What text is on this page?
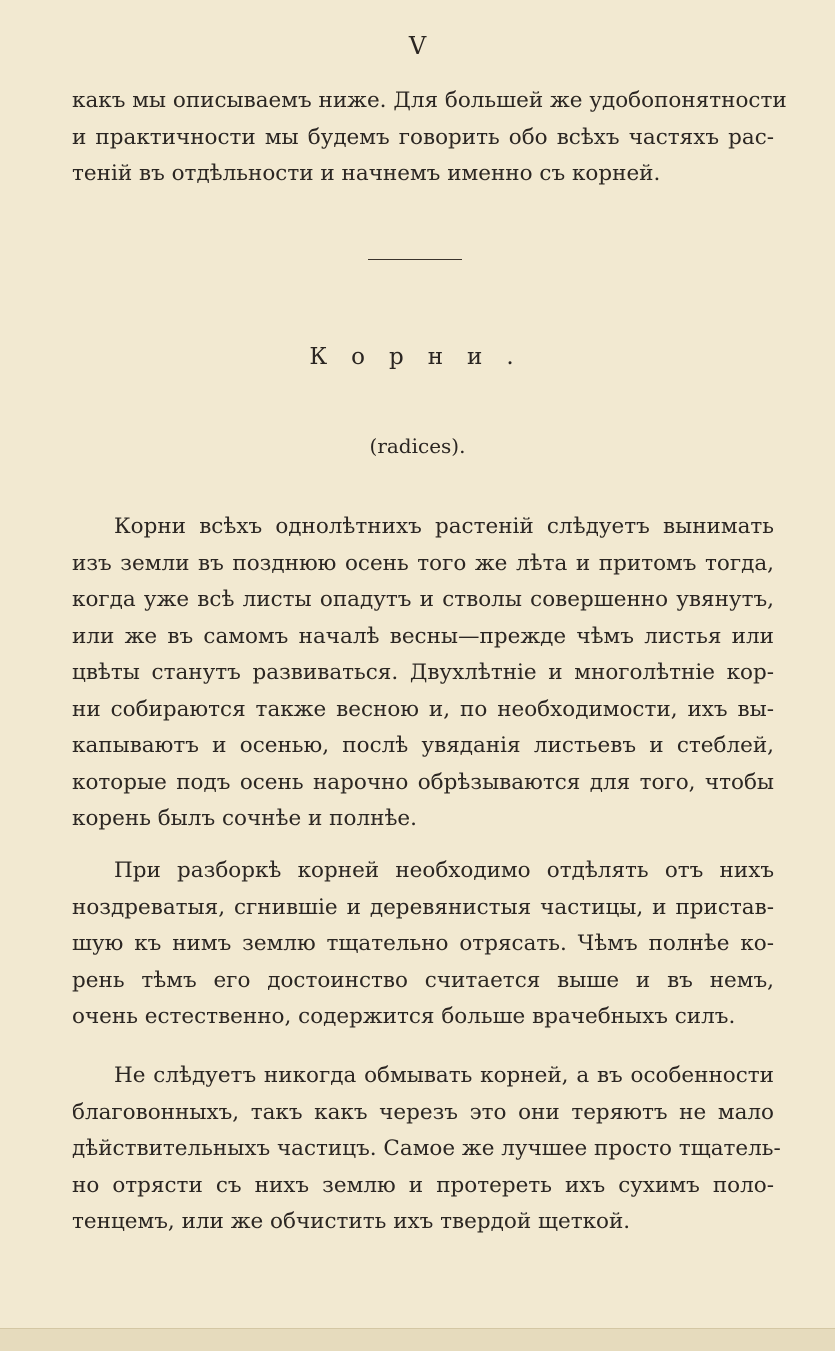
V

какъ мы описываемъ ниже. Для большей же удобопонятности
и практичности мы будемъ говорить обо всѣхъ частяхъ рас-
теній въ отдѣльности и начнемъ именно съ корней.

Корни.
(radices).

Корни всѣхъ однолѣтнихъ растеній слѣдуетъ вынимать
изъ земли въ позднюю осень того же лѣта и притомъ тогда,
когда уже всѣ листы опадутъ и стволы совершенно увянутъ,
или же въ самомъ началѣ весны—прежде чѣмъ листья или
цвѣты станутъ развиваться. Двухлѣтніе и многолѣтніе кор-
ни собираются также весною и, по необходимости, ихъ вы-
капываютъ и осенью, послѣ увяданія листьевъ и стеблей,
которые подъ осень нарочно обрѣзываются для того, чтобы
корень былъ сочнѣе и полнѣе.

При разборкѣ корней необходимо отдѣлять отъ нихъ
ноздреватыя, сгнившіе и деревянистыя частицы, и пристав-
шую къ нимъ землю тщательно отрясать. Чѣмъ полнѣе ко-
рень тѣмъ его достоинство считается выше и въ немъ,
очень естественно, содержится больше врачебныхъ силъ.

Не слѣдуетъ никогда обмывать корней, а въ особенности
благовонныхъ, такъ какъ черезъ это они теряютъ не мало
дѣйствительныхъ частицъ. Самое же лучшее просто тщатель-
но отрясти съ нихъ землю и протереть ихъ сухимъ поло-
тенцемъ, или же обчистить ихъ твердой щеткой.
